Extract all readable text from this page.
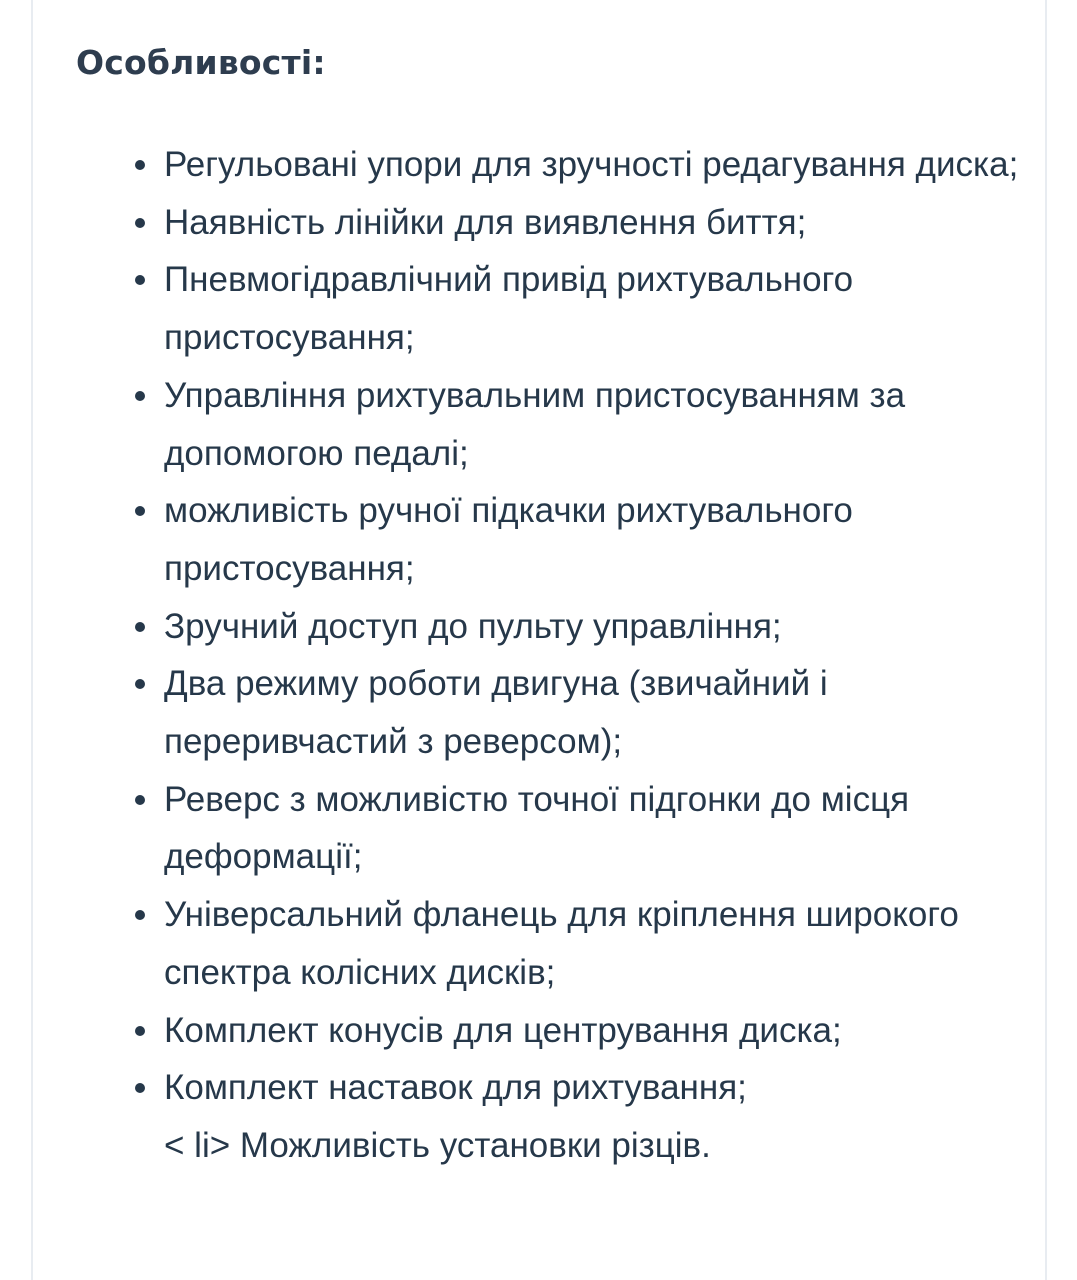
Особливості:
Регульовані упори для зручності редагування диска;
Наявність лінійки для виявлення биття;
Пневмогідравлічний привід рихтувального пристосування;
Управління рихтувальним пристосуванням за допомогою педалі;
можливість ручної підкачки рихтувального пристосування;
Зручний доступ до пульту управління;
Два режиму роботи двигуна (звичайний і переривчастий з реверсом);
Реверс з можливістю точної підгонки до місця деформації;
Універсальний фланець для кріплення широкого спектра колісних дисків;
Комплект конусів для центрування диска;
Комплект наставок для рихтування;
< li> Можливість установки різців.
